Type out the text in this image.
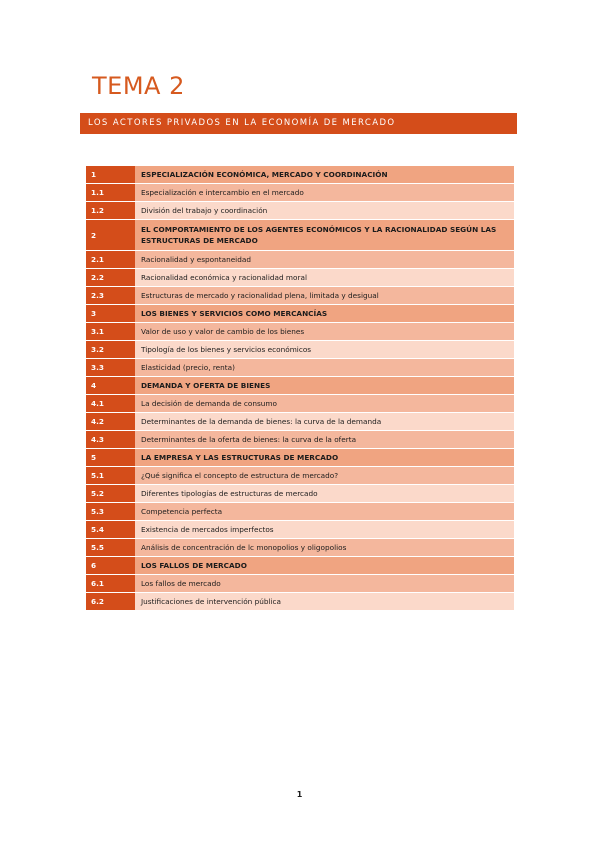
TEMA 2
LOS ACTORES PRIVADOS EN LA ECONOMÍA DE MERCADO
1	ESPECIALIZACIÓN ECONÓMICA, MERCADO Y COORDINACIÓN
1.1	Especialización e intercambio en el mercado
1.2	División del trabajo y coordinación
2	EL COMPORTAMIENTO DE LOS AGENTES ECONÓMICOS Y LA RACIONALIDAD SEGÚN LAS ESTRUCTURAS DE MERCADO
2.1	Racionalidad y espontaneidad
2.2	Racionalidad económica y racionalidad moral
2.3	Estructuras de mercado y racionalidad plena, limitada y desigual
3	LOS BIENES Y SERVICIOS COMO MERCANCÍAS
3.1	Valor de uso y valor de cambio de los bienes
3.2	Tipología de los bienes y servicios económicos
3.3	Elasticidad (precio, renta)
4	DEMANDA Y OFERTA DE BIENES
4.1	La decisión de demanda de consumo
4.2	Determinantes de la demanda de bienes: la curva de la demanda
4.3	Determinantes de la oferta de bienes: la curva de la oferta
5	LA EMPRESA Y LAS ESTRUCTURAS DE MERCADO
5.1	¿Qué significa el concepto de estructura de mercado?
5.2	Diferentes tipologías de estructuras de mercado
5.3	Competencia perfecta
5.4	Existencia de mercados imperfectos
5.5	Análisis de concentración de lc monopolios y oligopolios
6	LOS FALLOS DE MERCADO
6.1	Los fallos de mercado
6.2	Justificaciones de intervención pública
1
